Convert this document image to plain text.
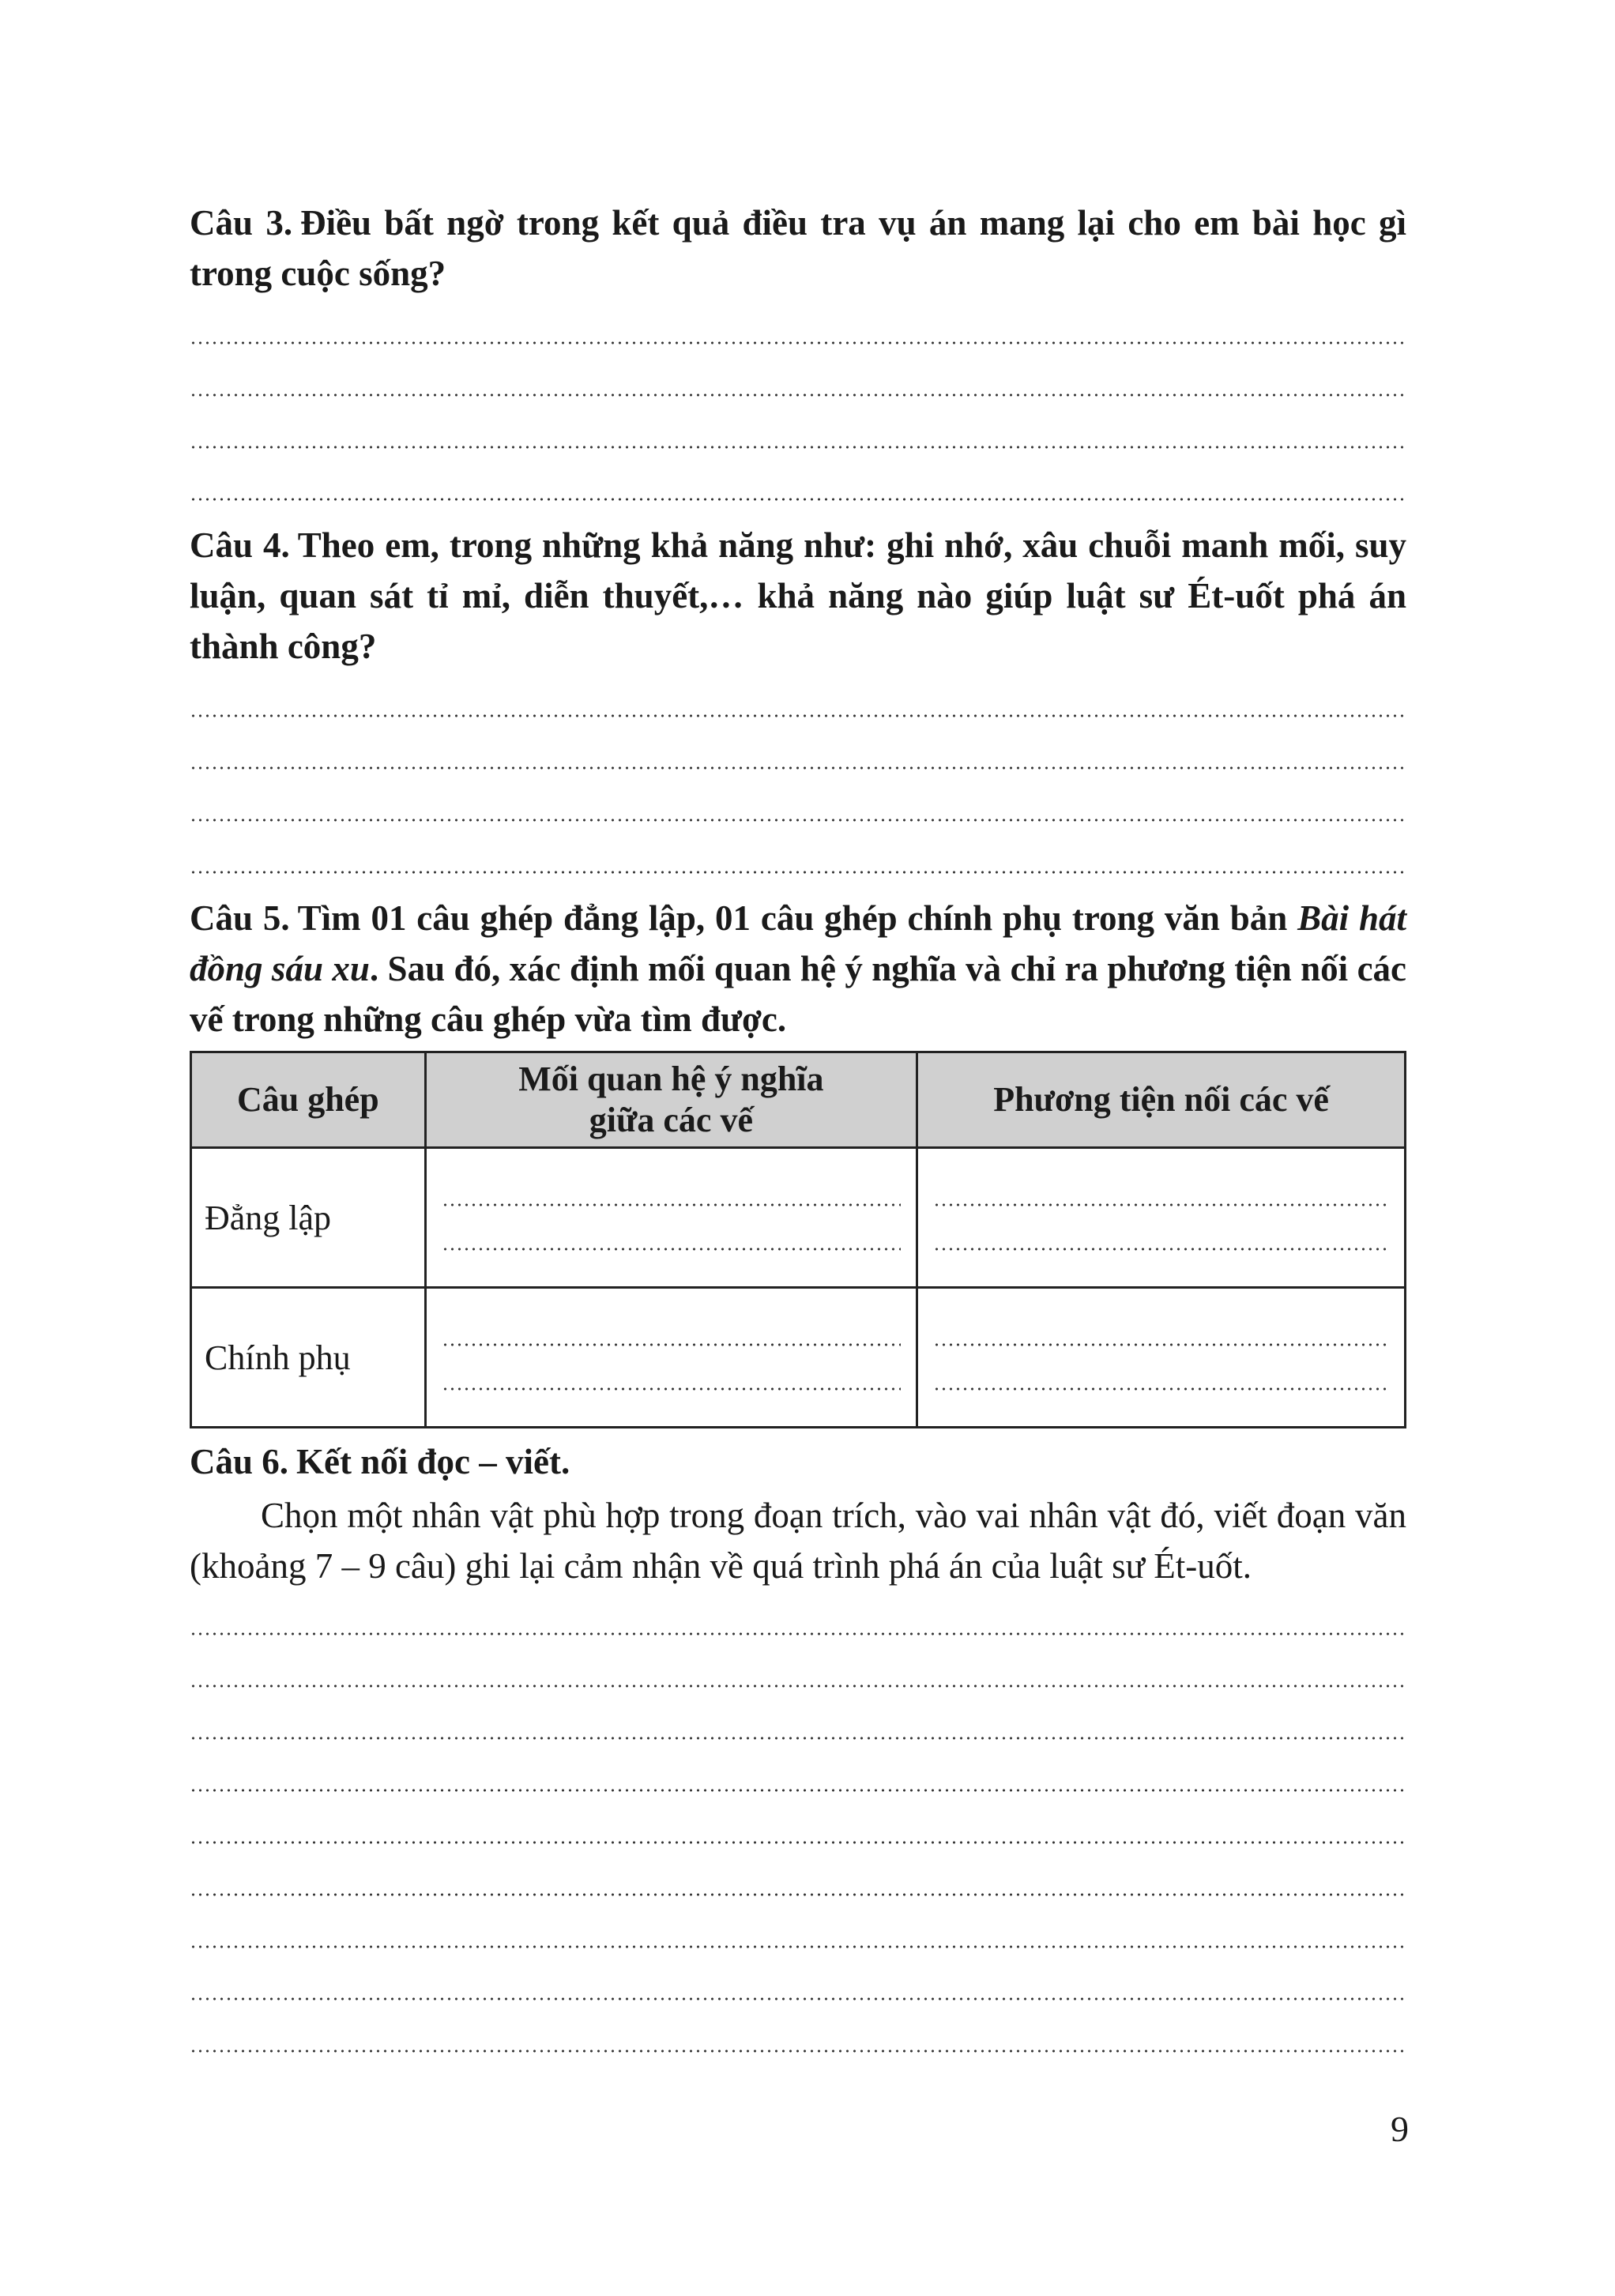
Câu 3. Điều bất ngờ trong kết quả điều tra vụ án mang lại cho em bài học gì trong cuộc sống?

Câu 4. Theo em, trong những khả năng như: ghi nhớ, xâu chuỗi manh mối, suy luận, quan sát tỉ mỉ, diễn thuyết,… khả năng nào giúp luật sư Ét-uốt phá án thành công?

Câu 5. Tìm 01 câu ghép đẳng lập, 01 câu ghép chính phụ trong văn bản Bài hát đồng sáu xu. Sau đó, xác định mối quan hệ ý nghĩa và chỉ ra phương tiện nối các vế trong những câu ghép vừa tìm được.

Câu ghép	Mối quan hệ ý nghĩa giữa các vế	Phương tiện nối các vế
Đẳng lập	

Chính phụ	

Câu 6. Kết nối đọc – viết.

Chọn một nhân vật phù hợp trong đoạn trích, vào vai nhân vật đó, viết đoạn văn (khoảng 7 – 9 câu) ghi lại cảm nhận về quá trình phá án của luật sư Ét-uốt.

9
